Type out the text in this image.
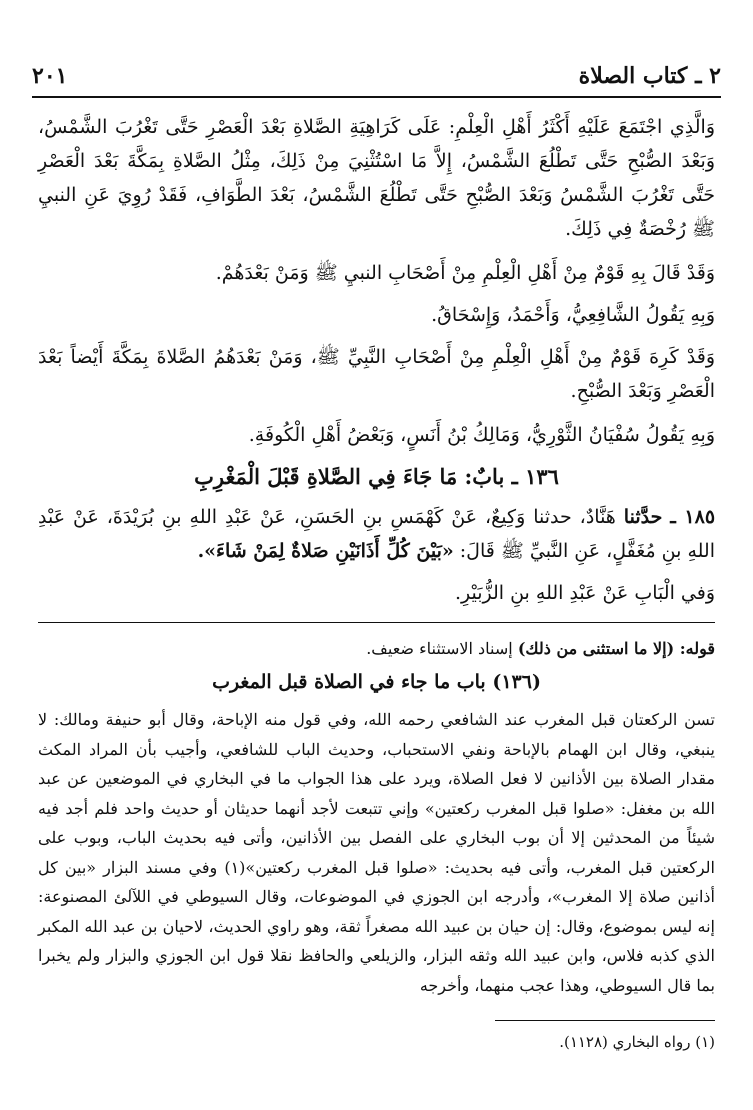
٢ ـ كتاب الصلاة
٢٠١

وَالَّذِي اجْتَمَعَ عَلَيْهِ أَكْثَرُ أَهْلِ الْعِلْمِ: عَلَى كَرَاهِيَةِ الصَّلاةِ بَعْدَ الْعَصْرِ حَتَّى تَغْرُبَ الشَّمْسُ، وَبَعْدَ الصُّبْحِ حَتَّى تَطْلُعَ الشَّمْسُ، إِلاَّ مَا اسْتُثْنِيَ مِنْ ذَلِكَ، مِثْلُ الصَّلاةِ بِمَكَّةَ بَعْدَ الْعَصْرِ حَتَّى تَغْرُبَ الشَّمْسُ وَبَعْدَ الصُّبْحِ حَتَّى تَطْلُعَ الشَّمْسُ، بَعْدَ الطَّوَافِ، فَقَدْ رُوِيَ عَنِ النبيِ ﷺ رُخْصَةٌ فِي ذَلِكَ.

وَقَدْ قَالَ بِهِ قَوْمٌ مِنْ أَهْلِ الْعِلْمِ مِنْ أَصْحَابِ النبيِ ﷺ وَمَنْ بَعْدَهُمْ.

وَبِهِ يَقُولُ الشَّافِعِيُّ، وَأَحْمَدُ، وَإِسْحَاقُ.

وَقَدْ كَرِهَ قَوْمٌ مِنْ أَهْلِ الْعِلْمِ مِنْ أَصْحَابِ النَّبِيِّ ﷺ، وَمَنْ بَعْدَهُمُ الصَّلاةَ بِمَكَّةَ أَيْضاً بَعْدَ الْعَصْرِ وَبَعْدَ الصُّبْحِ.

وَبِهِ يَقُولُ سُفْيَانُ الثَّوْرِيُّ، وَمَالِكُ بْنُ أَنَسٍ، وَبَعْضُ أَهْلِ الْكُوفَةِ.

١٣٦ ـ بابٌ: مَا جَاءَ فِي الصَّلاةِ قَبْلَ الْمَغْرِبِ

١٨٥ ـ حدَّثنا هَنَّادٌ، حدثنا وَكِيعٌ، عَنْ كَهْمَسِ بنِ الحَسَنِ، عَنْ عَبْدِ اللهِ بنِ بُرَيْدَةَ، عَنْ عَبْدِ اللهِ بنِ مُغَفَّلٍ، عَنِ النَّبيِّ ﷺ قَالَ: «بَيْنَ كُلِّ أَذَانَيْنِ صَلاةٌ لِمَنْ شَاءَ».

وَفي الْبَابِ عَنْ عَبْدِ اللهِ بنِ الزُّبَيْرِ.

قوله: (إلا ما استثنى من ذلك) إسناد الاستثناء ضعيف.

(١٣٦) باب ما جاء في الصلاة قبل المغرب

تسن الركعتان قبل المغرب عند الشافعي رحمه الله، وفي قول منه الإباحة، وقال أبو حنيفة ومالك: لا ينبغي، وقال ابن الهمام بالإباحة ونفي الاستحباب، وحديث الباب للشافعي، وأجيب بأن المراد المكث مقدار الصلاة بين الأذانين لا فعل الصلاة، ويرد على هذا الجواب ما في البخاري في الموضعين عن عبد الله بن مغفل: «صلوا قبل المغرب ركعتين» وإني تتبعت لأجد أنهما حديثان أو حديث واحد فلم أجد فيه شيئاً من المحدثين إلا أن بوب البخاري على الفصل بين الأذانين، وأتى فيه بحديث الباب، وبوب على الركعتين قبل المغرب، وأتى فيه بحديث: «صلوا قبل المغرب ركعتين»(١) وفي مسند البزار «بين كل أذانين صلاة إلا المغرب»، وأدرجه ابن الجوزي في الموضوعات، وقال السيوطي في اللآلئ المصنوعة: إنه ليس بموضوع، وقال: إن حيان بن عبيد الله مصغراً ثقة، وهو راوي الحديث، لاحيان بن عبد الله المكبر الذي كذبه فلاس، وابن عبيد الله وثقه البزار، والزيلعي والحافظ نقلا قول ابن الجوزي والبزار ولم يخبرا بما قال السيوطي، وهذا عجب منهما، وأخرجه

(١) رواه البخاري (١١٢٨).
